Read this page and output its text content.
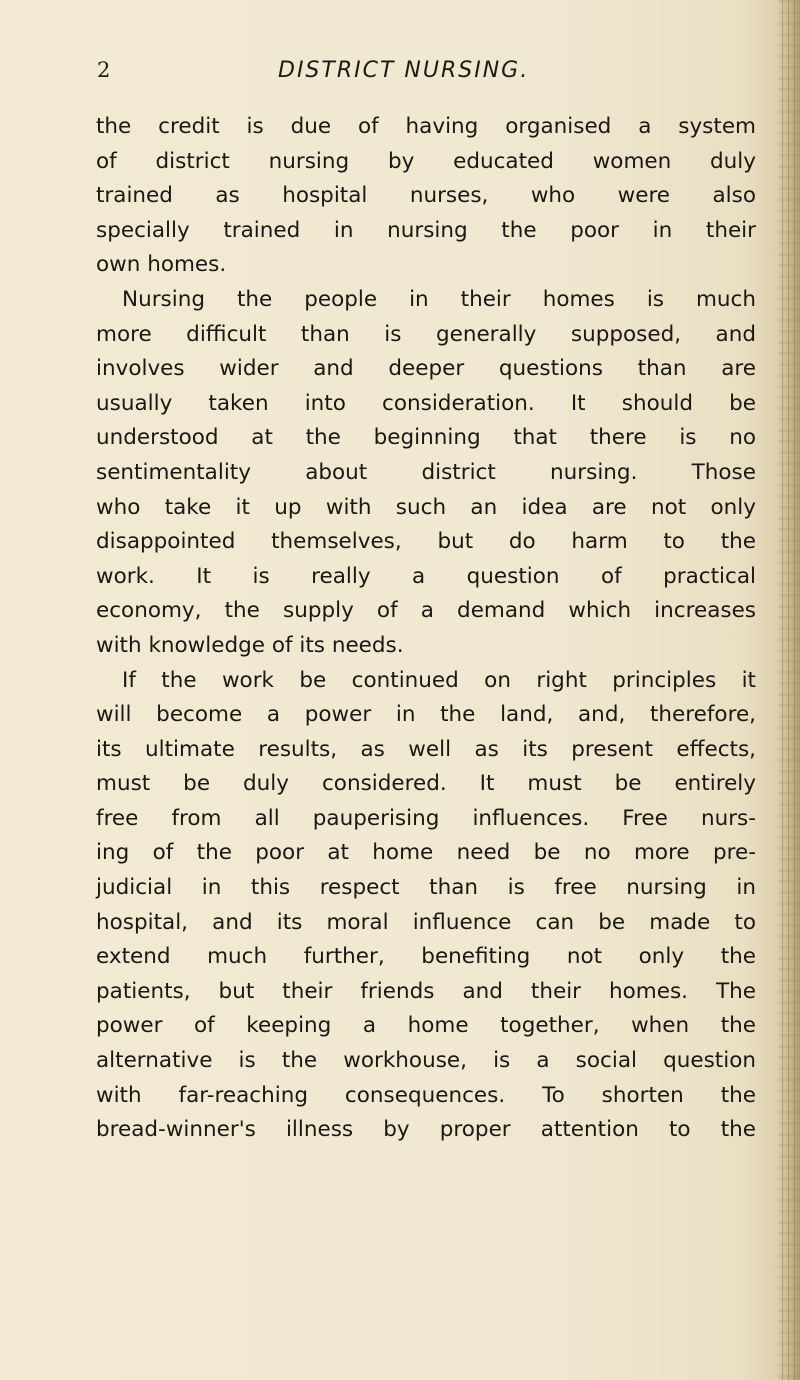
2	DISTRICT NURSING.
the credit is due of having organised a system
of district nursing by educated women duly
trained as hospital nurses, who were also
specially trained in nursing the poor in their
own homes.
Nursing the people in their homes is much
more difficult than is generally supposed, and
involves wider and deeper questions than are
usually taken into consideration. It should be
understood at the beginning that there is no
sentimentality about district nursing. Those
who take it up with such an idea are not only
disappointed themselves, but do harm to the
work. It is really a question of practical
economy, the supply of a demand which increases
with knowledge of its needs.
If the work be continued on right principles it
will become a power in the land, and, therefore,
its ultimate results, as well as its present effects,
must be duly considered. It must be entirely
free from all pauperising influences. Free nurs-
ing of the poor at home need be no more pre-
judicial in this respect than is free nursing in
hospital, and its moral influence can be made to
extend much further, benefiting not only the
patients, but their friends and their homes. The
power of keeping a home together, when the
alternative is the workhouse, is a social question
with far-reaching consequences. To shorten the
bread-winner's illness by proper attention to the
